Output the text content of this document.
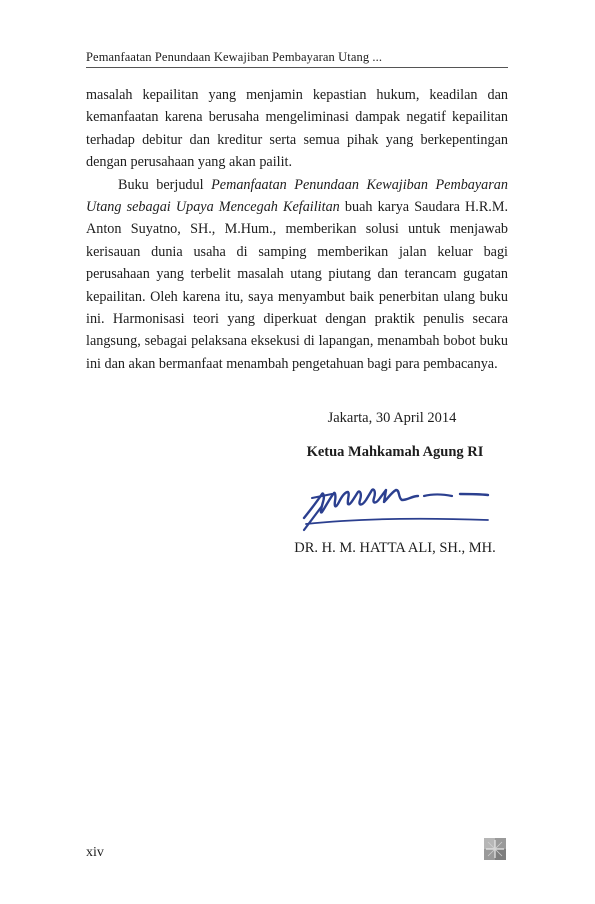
Pemanfaatan Penundaan Kewajiban Pembayaran Utang ...

masalah kepailitan yang menjamin kepastian hukum, keadilan dan kemanfaatan karena berusaha mengeliminasi dampak negatif kepailitan terhadap debitur dan kreditur serta semua pihak yang berkepentingan dengan perusahaan yang akan pailit.

Buku berjudul Pemanfaatan Penundaan Kewajiban Pembayaran Utang sebagai Upaya Mencegah Kefailitan buah karya Saudara H.R.M. Anton Suyatno, SH., M.Hum., memberikan solusi untuk menjawab kerisauan dunia usaha di samping memberikan jalan keluar bagi perusahaan yang terbelit masalah utang piutang dan terancam gugatan kepailitan. Oleh karena itu, saya menyambut baik penerbitan ulang buku ini. Harmonisasi teori yang diperkuat dengan praktik penulis secara langsung, sebagai pelaksana eksekusi di lapangan, menambah bobot buku ini dan akan bermanfaat menambah pengetahuan bagi para pembacanya.

Jakarta, 30 April 2014
Ketua Mahkamah Agung RI
DR. H. M. HATTA ALI, SH., MH.
xiv
